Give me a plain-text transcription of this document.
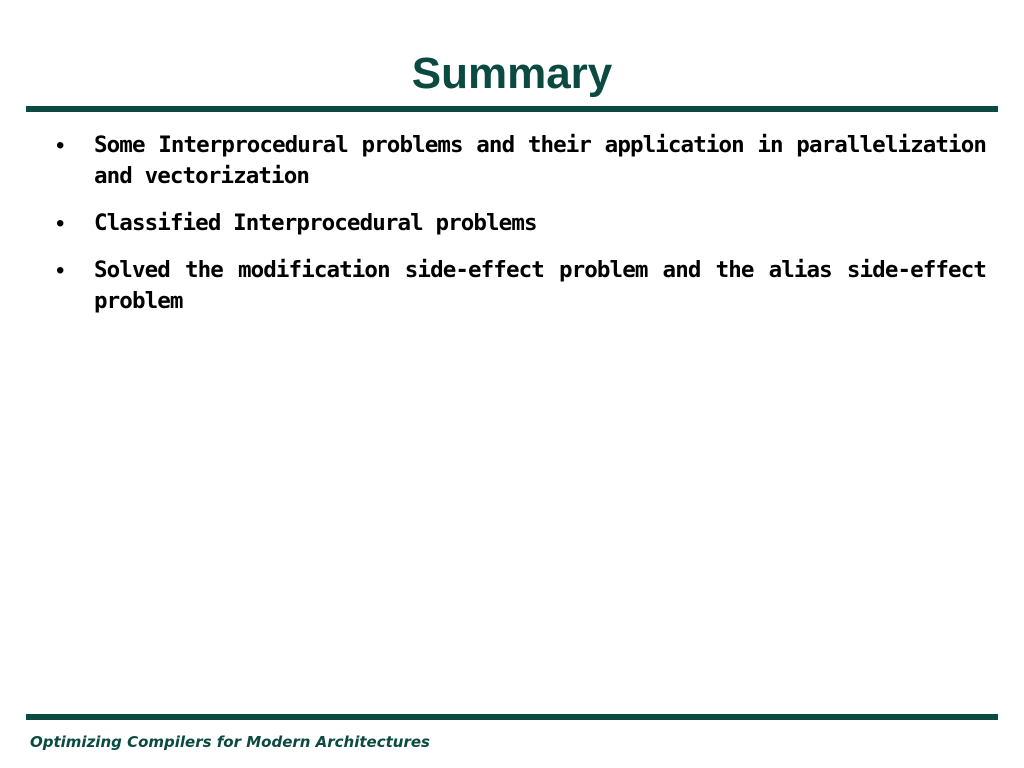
Summary
•	Some Interprocedural problems and their application in parallelization and vectorization
•	Classified Interprocedural problems
•	Solved the modification side-effect problem and the alias side-effect problem
Optimizing Compilers for Modern Architectures
